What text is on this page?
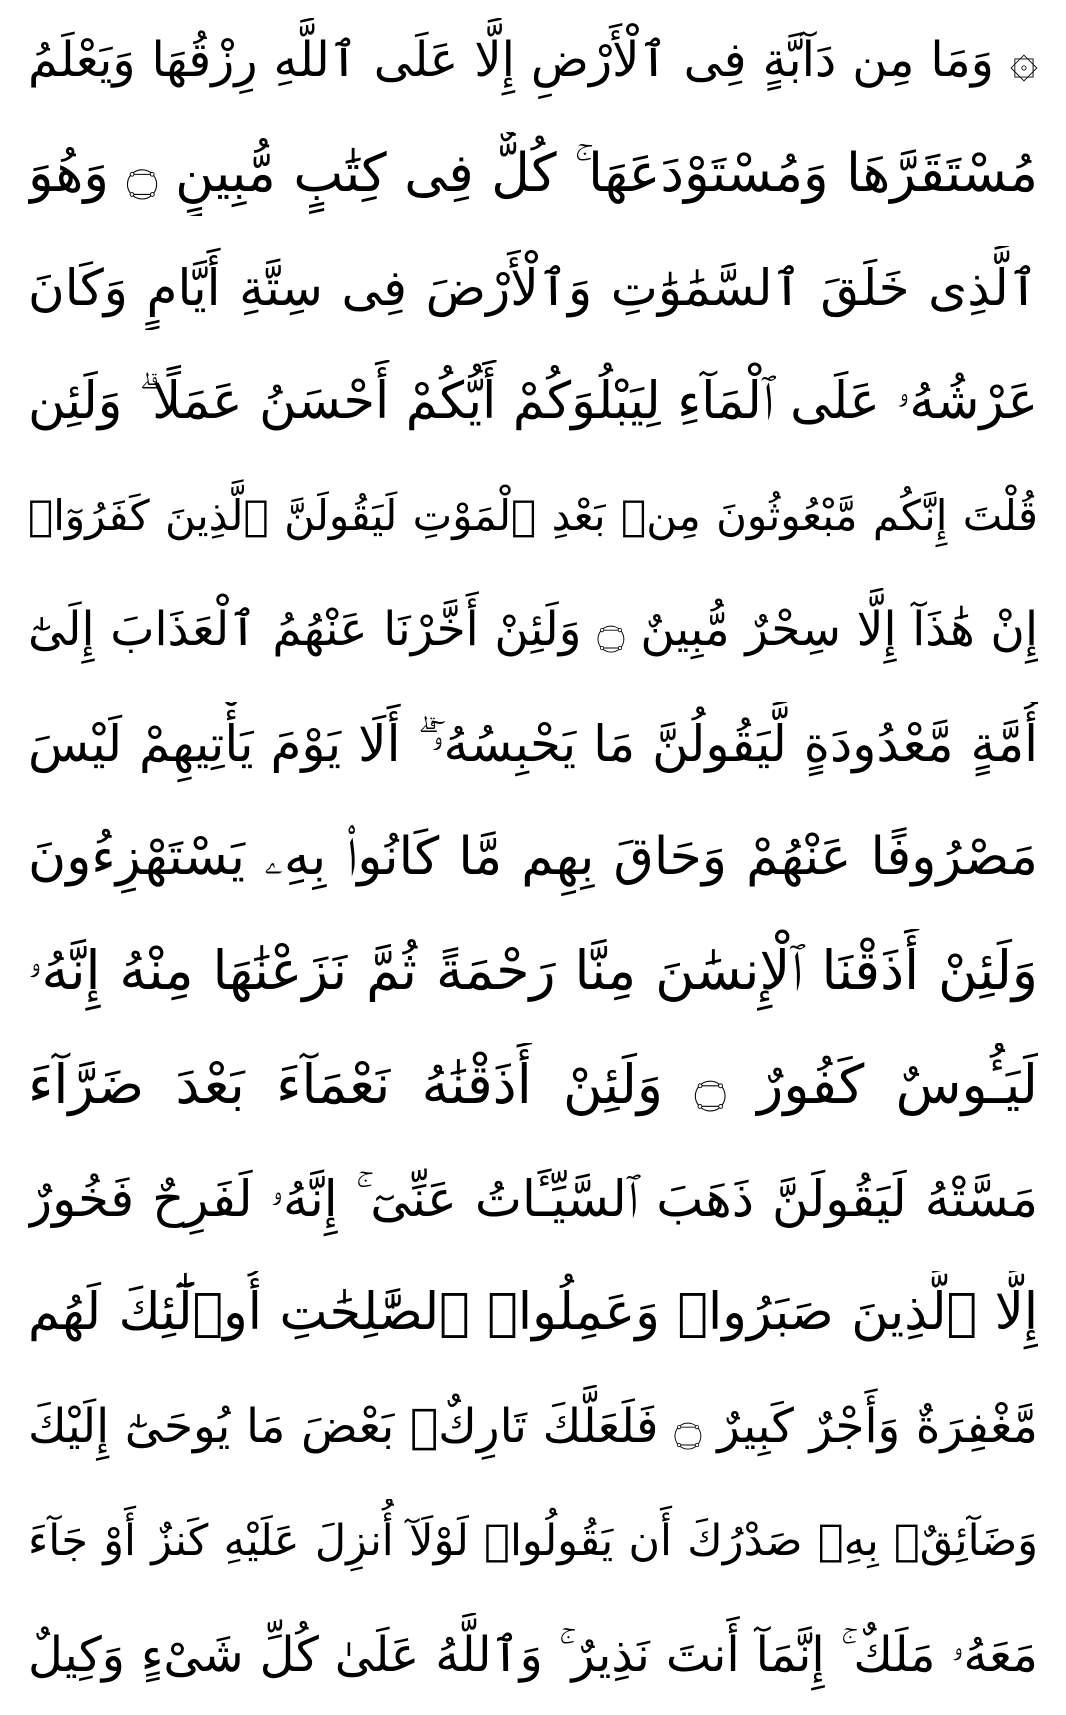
۞ وَمَا مِن دَآبَّةٍ فِى ٱلْأَرْضِ إِلَّا عَلَى ٱللَّهِ رِزْقُهَا وَيَعْلَمُ
مُسْتَقَرَّهَا وَمُسْتَوْدَعَهَا ۚ كُلٌّ فِى كِتَٰبٍ مُّبِينٍ ۝ وَهُوَ
ٱلَّذِى خَلَقَ ٱلسَّمَٰوَٰتِ وَٱلْأَرْضَ فِى سِتَّةِ أَيَّامٍ وَكَانَ
عَرْشُهُۥ عَلَى ٱلْمَآءِ لِيَبْلُوَكُمْ أَيُّكُمْ أَحْسَنُ عَمَلًا ۗ وَلَئِن
قُلْتَ إِنَّكُم مَّبْعُوثُونَ مِنۢ بَعْدِ ٱلْمَوْتِ لَيَقُولَنَّ ٱلَّذِينَ كَفَرُوٓا۟
إِنْ هَٰذَآ إِلَّا سِحْرٌ مُّبِينٌ ۝ وَلَئِنْ أَخَّرْنَا عَنْهُمُ ٱلْعَذَابَ إِلَىٰٓ
أُمَّةٍ مَّعْدُودَةٍ لَّيَقُولُنَّ مَا يَحْبِسُهُۥٓ ۗ أَلَا يَوْمَ يَأْتِيهِمْ لَيْسَ
مَصْرُوفًا عَنْهُمْ وَحَاقَ بِهِم مَّا كَانُوا۟ بِهِۦ يَسْتَهْزِءُونَ
وَلَئِنْ أَذَقْنَا ٱلْإِنسَٰنَ مِنَّا رَحْمَةً ثُمَّ نَزَعْنَٰهَا مِنْهُ إِنَّهُۥ
لَيَـُٔوسٌ كَفُورٌ ۝ وَلَئِنْ أَذَقْنَٰهُ نَعْمَآءَ بَعْدَ ضَرَّآءَ
مَسَّتْهُ لَيَقُولَنَّ ذَهَبَ ٱلسَّيِّـَٔاتُ عَنِّىٓ ۚ إِنَّهُۥ لَفَرِحٌ فَخُورٌ
إِلَّا ٱلَّذِينَ صَبَرُوا۟ وَعَمِلُوا۟ ٱلصَّٰلِحَٰتِ أُو۟لَٰٓئِكَ لَهُم
مَّغْفِرَةٌ وَأَجْرٌ كَبِيرٌ ۝ فَلَعَلَّكَ تَارِكٌۢ بَعْضَ مَا يُوحَىٰٓ إِلَيْكَ
وَضَآئِقٌۢ بِهِۦ صَدْرُكَ أَن يَقُولُوا۟ لَوْلَآ أُنزِلَ عَلَيْهِ كَنزٌ أَوْ جَآءَ
مَعَهُۥ مَلَكٌ ۚ إِنَّمَآ أَنتَ نَذِيرٌ ۚ وَٱللَّهُ عَلَىٰ كُلِّ شَىْءٍ وَكِيلٌ
